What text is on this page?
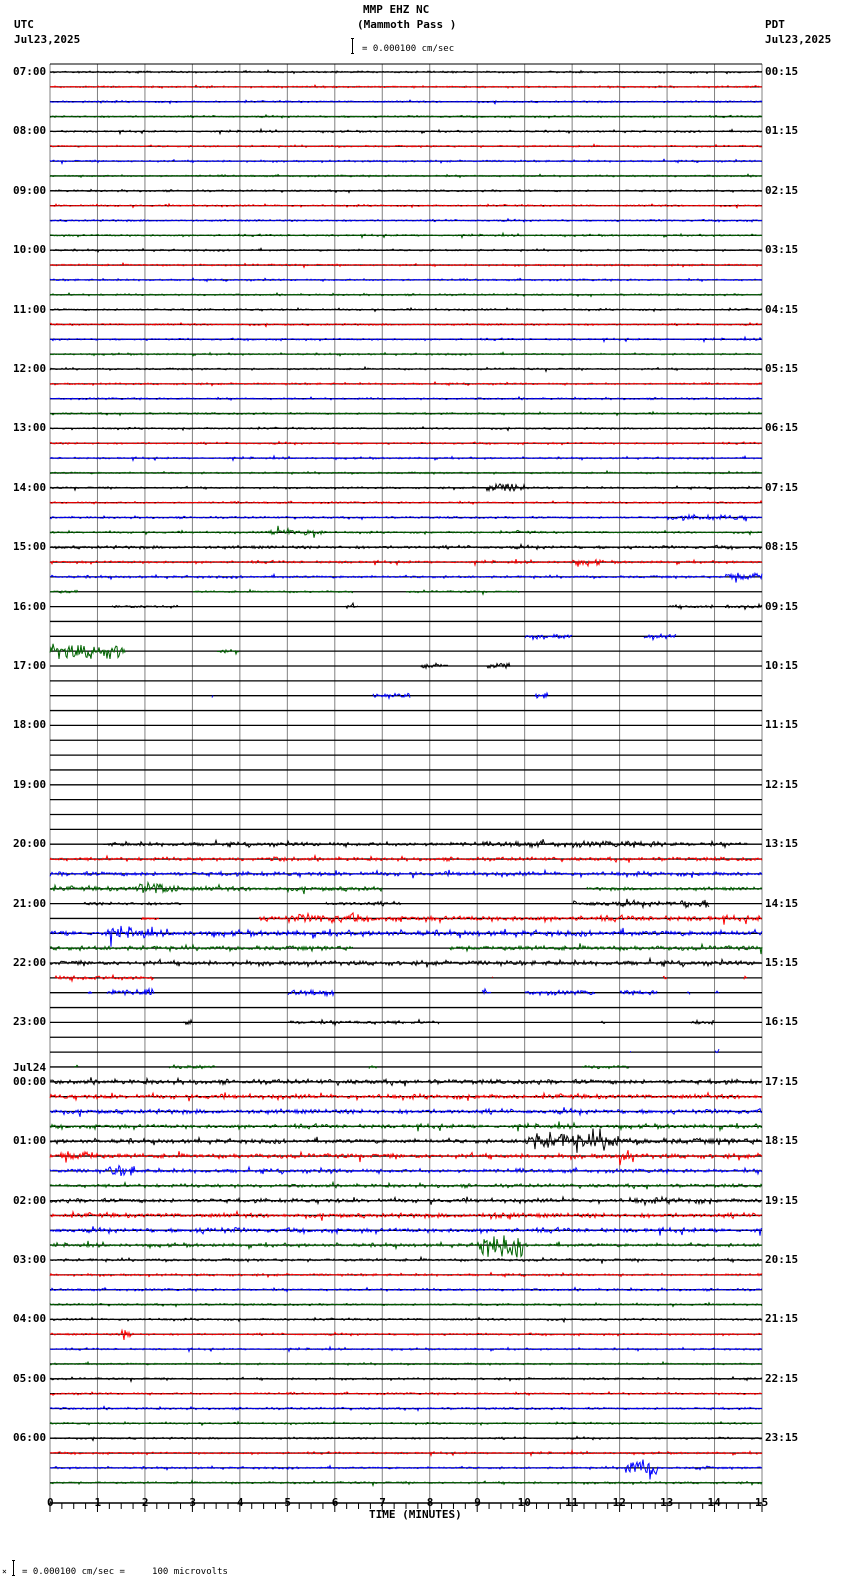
MMP EHZ NC
(Mammoth Pass )
UTC
Jul23,2025
PDT
Jul23,2025
= 0.000100 cm/sec
07:00
08:00
09:00
10:00
11:00
12:00
13:00
14:00
15:00
16:00
17:00
18:00
19:00
20:00
21:00
22:00
23:00
00:00
Jul24
01:00
02:00
03:00
04:00
05:00
06:00
00:15
01:15
02:15
03:15
04:15
05:15
06:15
07:15
08:15
09:15
10:15
11:15
12:15
13:15
14:15
15:15
16:15
17:15
18:15
19:15
20:15
21:15
22:15
23:15
0	1	2	3	4	5	6	7	8	9	10	11	12	13	14	15
TIME (MINUTES)
× = 0.000100 cm/sec =     100 microvolts
